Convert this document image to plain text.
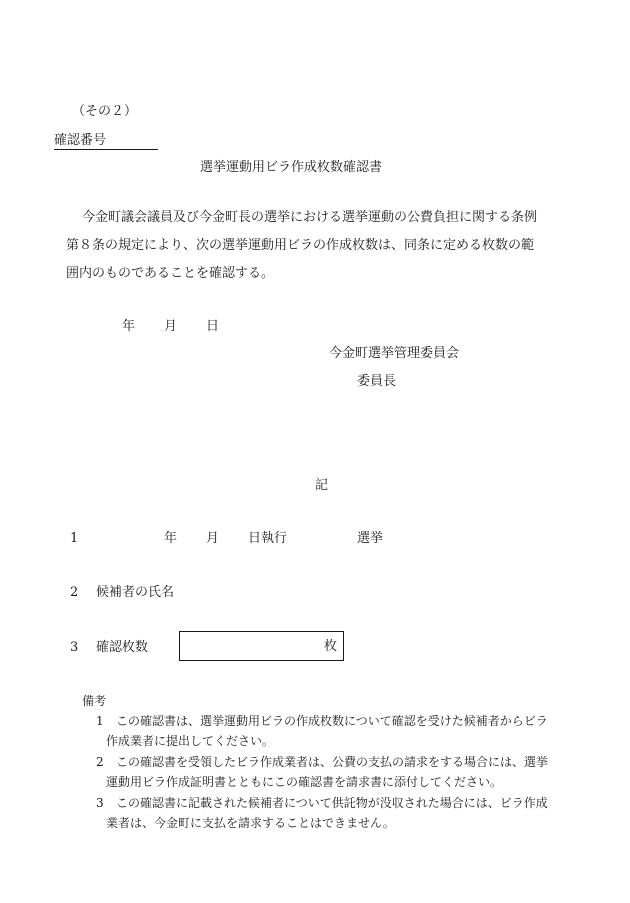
（その２）
確認番号
選挙運動用ビラ作成枚数確認書
今金町議会議員及び今金町長の選挙における選挙運動の公費負担に関する条例
第８条の規定により、次の選挙運動用ビラの作成枚数は、同条に定める枚数の範
囲内のものであることを確認する。
年 月 日
今金町選挙管理委員会
委員長
記
1	年 月 日執行	選挙
2 候補者の氏名
3 確認枚数	枚
備考
1 この確認書は、選挙運動用ビラの作成枚数について確認を受けた候補者からビラ
作成業者に提出してください。
2 この確認書を受領したビラ作成業者は、公費の支払の請求をする場合には、選挙
運動用ビラ作成証明書とともにこの確認書を請求書に添付してください。
3 この確認書に記載された候補者について供託物が没収された場合には、ビラ作成
業者は、今金町に支払を請求することはできません。
